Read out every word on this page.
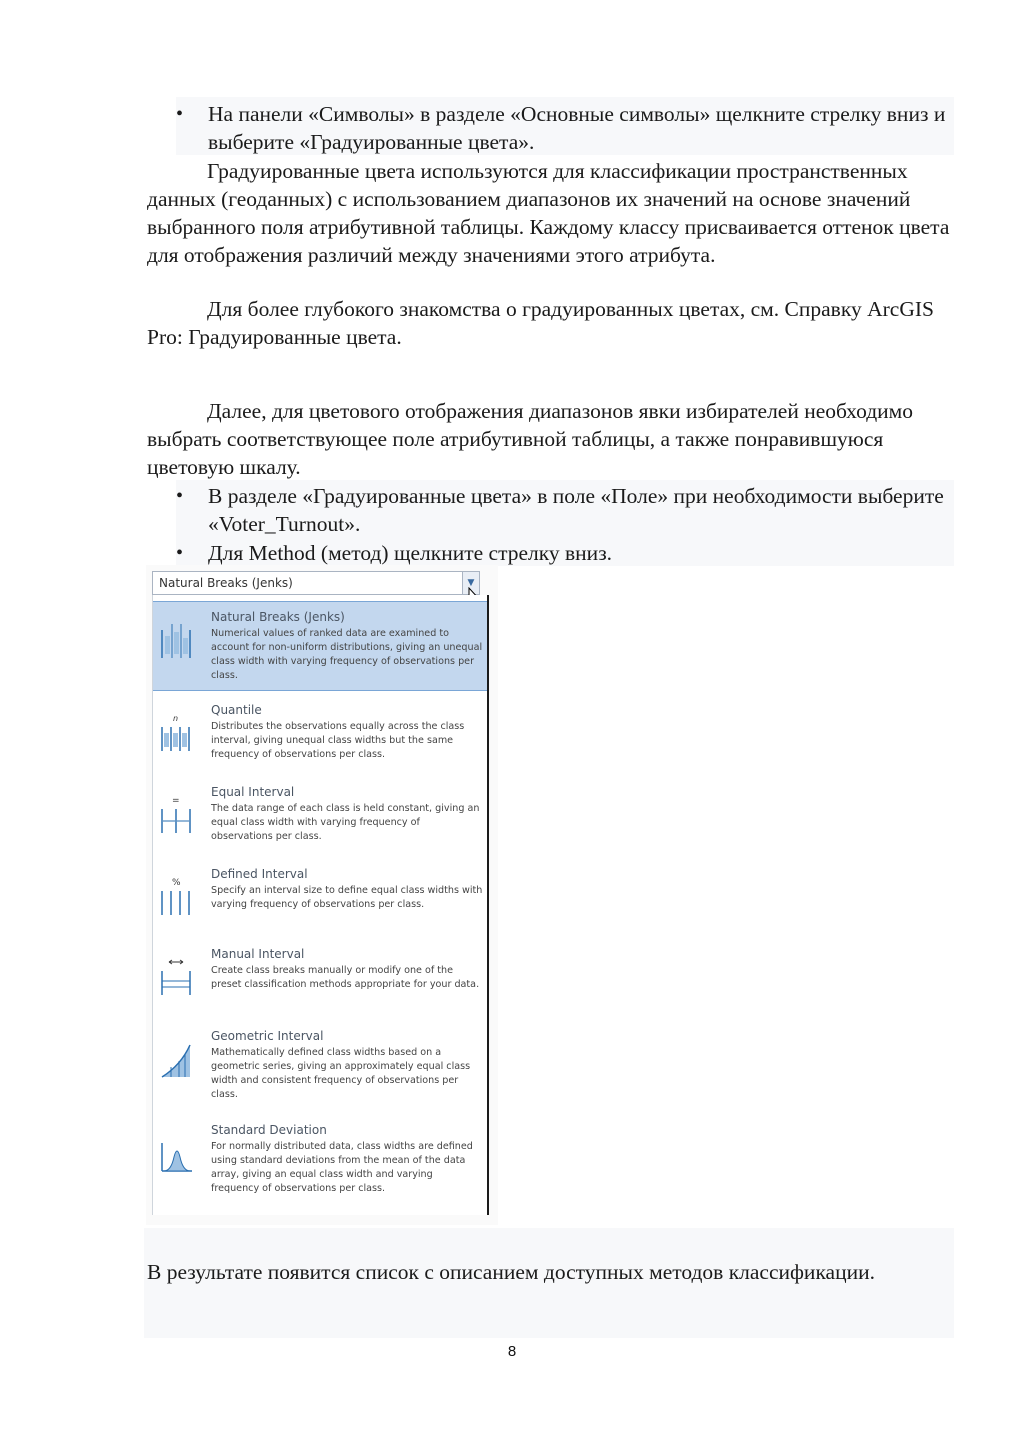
• На панели «Символы» в разделе «Основные символы» щелкните стрелку вниз и выберите «Градуированные цвета».

Градуированные цвета используются для классификации пространственных данных (геоданных) с использованием диапазонов их значений на основе значений выбранного поля атрибутивной таблицы. Каждому классу присваивается оттенок цвета для отображения различий между значениями этого атрибута.

Для более глубокого знакомства о градуированных цветах, см. Справку ArcGIS Pro: Градуированные цвета.

Далее, для цветового отображения диапазонов явки избирателей необходимо выбрать соответствующее поле атрибутивной таблицы, а также понравившуюся цветовую шкалу.

• В разделе «Градуированные цвета» в поле «Поле» при необходимости выберите «Voter_Turnout».
• Для Method (метод) щелкните стрелку вниз.
Natural Breaks (Jenks)	▼
Natural Breaks (Jenks)
Numerical values of ranked data are examined to account for non-uniform distributions, giving an unequal class width with varying frequency of observations per class.
n
Quantile
Distributes the observations equally across the class interval, giving unequal class widths but the same frequency of observations per class.
=
Equal Interval
The data range of each class is held constant, giving an equal class width with varying frequency of observations per class.
%
Defined Interval
Specify an interval size to define equal class widths with varying frequency of observations per class.
Manual Interval
Create class breaks manually or modify one of the preset classification methods appropriate for your data.
Geometric Interval
Mathematically defined class widths based on a geometric series, giving an approximately equal class width and consistent frequency of observations per class.
Standard Deviation
For normally distributed data, class widths are defined using standard deviations from the mean of the data array, giving an equal class width and varying frequency of observations per class.

В результате появится список с описанием доступных методов классификации.

8
